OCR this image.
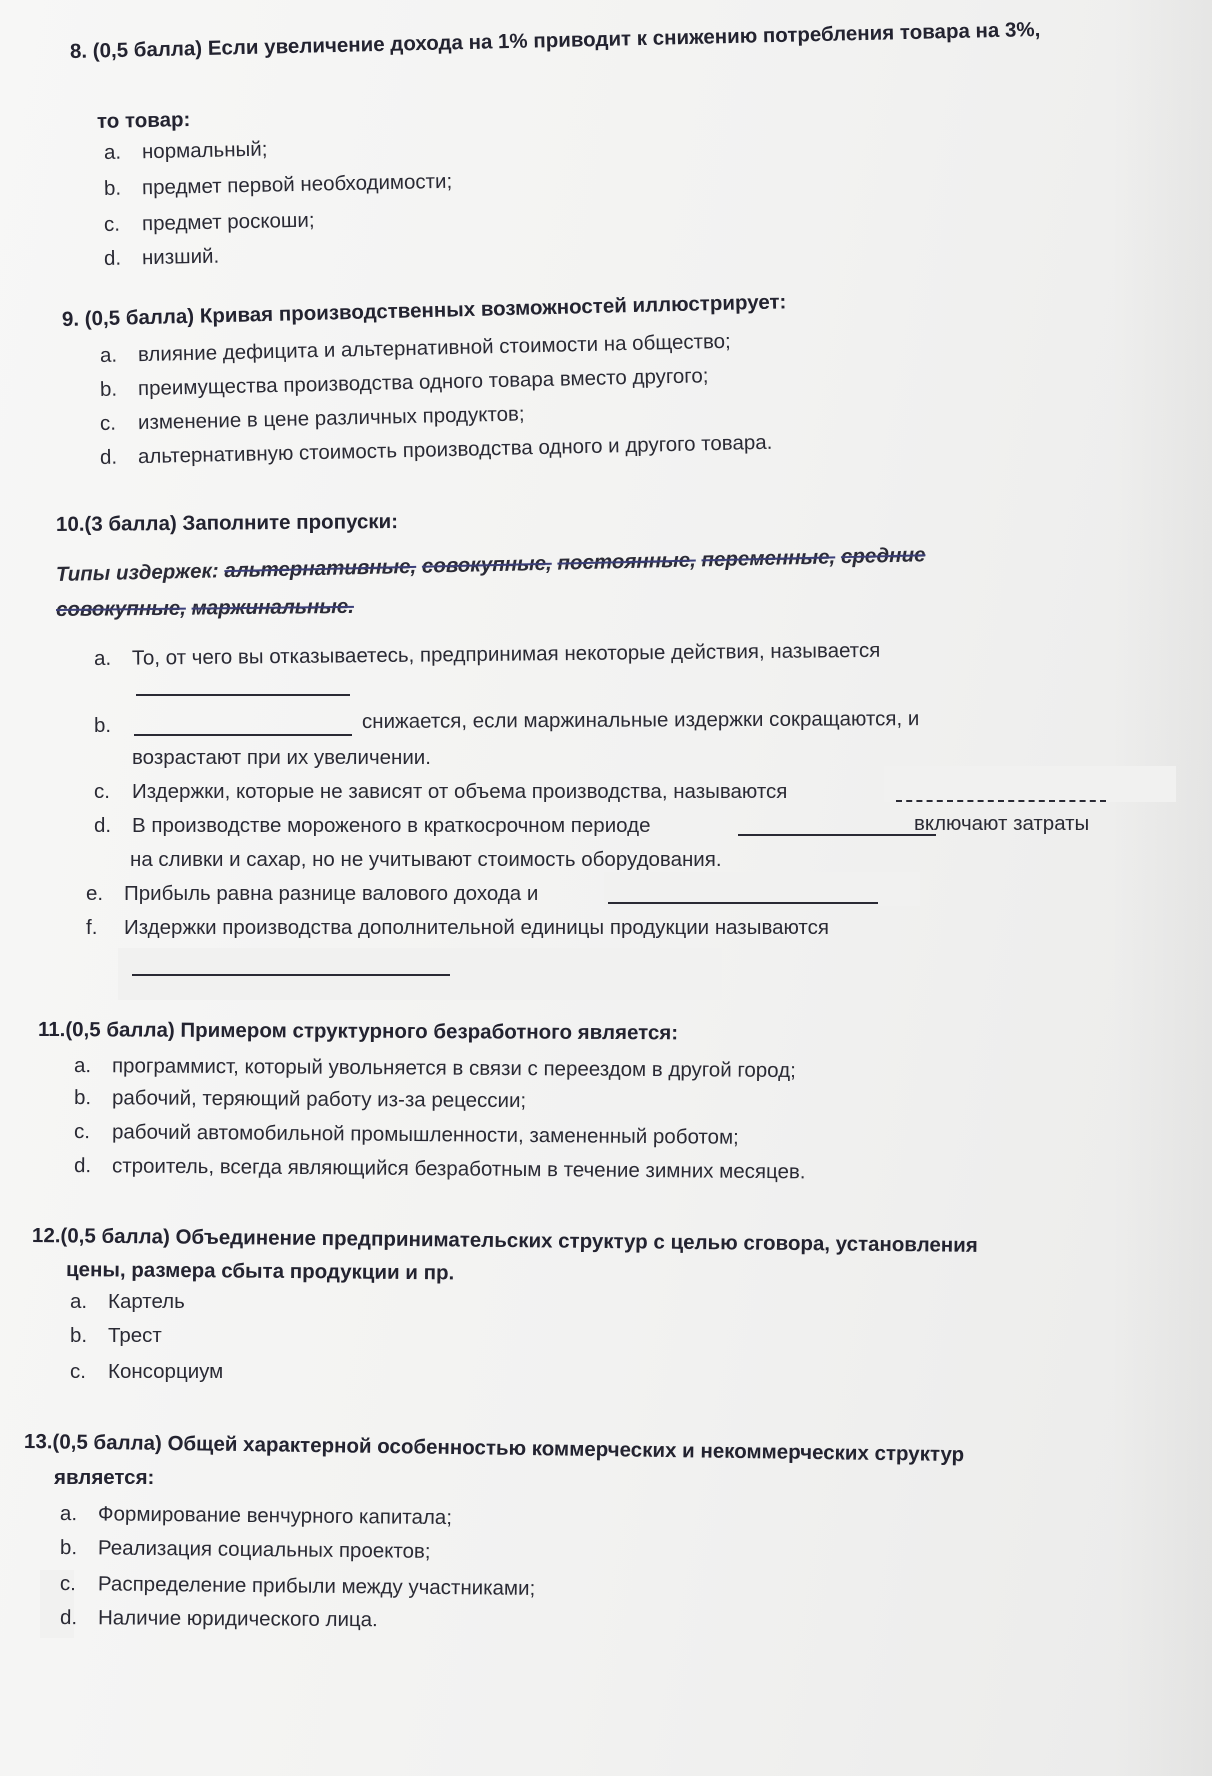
8. (0,5 балла) Если увеличение дохода на 1% приводит к снижению потребления товара на 3%,
то товар:
a. нормальный;
b. предмет первой необходимости;
c. предмет роскоши;
d. низший.
9. (0,5 балла) Кривая производственных возможностей иллюстрирует:
a. влияние дефицита и альтернативной стоимости на общество;
b. преимущества производства одного товара вместо другого;
c. изменение в цене различных продуктов;
d. альтернативную стоимость производства одного и другого товара.
10.(3 балла) Заполните пропуски:
Типы издержек: альтернативные, совокупные, постоянные, переменные, средние
совокупные, маржинальные.
a. То, от чего вы отказываетесь, предпринимая некоторые действия, называется
b.	снижается, если маржинальные издержки сокращаются, и
возрастают при их увеличении.
c. Издержки, которые не зависят от объема производства, называются
d. В производстве мороженого в краткосрочном периоде	включают затраты
на сливки и сахар, но не учитывают стоимость оборудования.
e. Прибыль равна разнице валового дохода и
f. Издержки производства дополнительной единицы продукции называются
11.(0,5 балла) Примером структурного безработного является:
a. программист, который увольняется в связи с переездом в другой город;
b. рабочий, теряющий работу из-за рецессии;
c. рабочий автомобильной промышленности, замененный роботом;
d. строитель, всегда являющийся безработным в течение зимних месяцев.
12.(0,5 балла) Объединение предпринимательских структур с целью сговора, установления
цены, размера сбыта продукции и пр.
a. Картель
b. Трест
c. Консорциум
13.(0,5 балла) Общей характерной особенностью коммерческих и некоммерческих структур
является:
a. Формирование венчурного капитала;
b. Реализация социальных проектов;
c. Распределение прибыли между участниками;
d. Наличие юридического лица.
